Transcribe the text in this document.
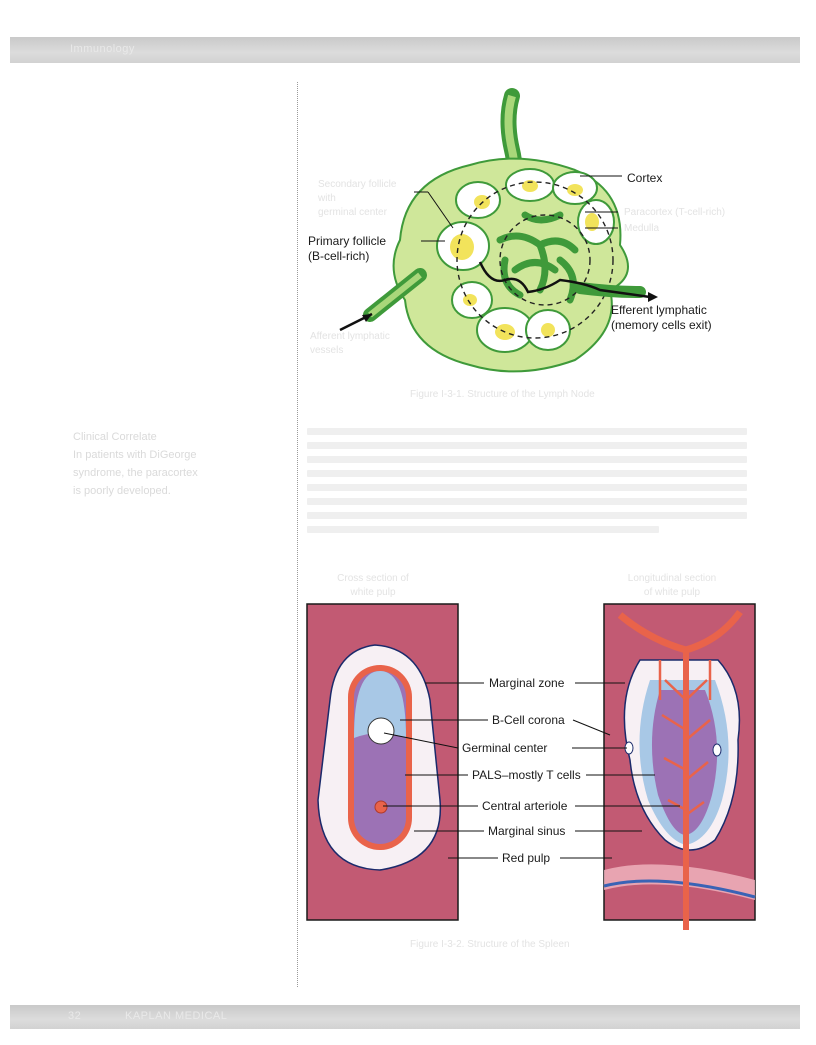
Immunology
32	KAPLAN MEDICAL
Cortex
Primary follicle
(B-cell-rich)
Efferent lymphatic
(memory cells exit)
Secondary follicle
with
germinal center	Paracortex (T-cell-rich)
Medulla
Afferent lymphatic
vessels
Figure I-3-1. Structure of the Lymph Node
Clinical Correlate
In patients with DiGeorge
syndrome, the paracortex
is poorly developed.
Cross section of
white pulp
Longitudinal section
of white pulp
Marginal zone
B-Cell corona
Germinal center
PALS–mostly T cells
Central arteriole
Marginal sinus
Red pulp
Figure I-3-2. Structure of the Spleen
